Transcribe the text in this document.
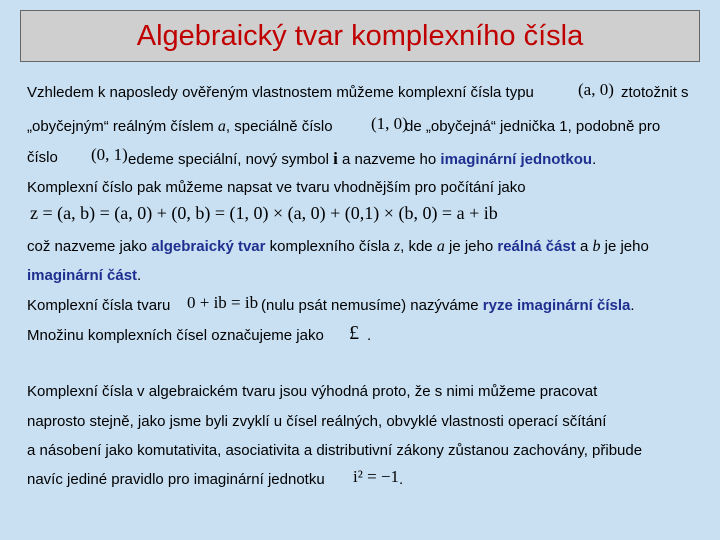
Algebraický tvar komplexního čísla
Vzhledem k naposledy ověřeným vlastnostem můžeme komplexní čísla typu	(a, 0) ztotožnit s
„obyčejným“ reálným číslem a, speciálně číslo (1, 0)
de „obyčejná“ jednička 1, podobně pro
číslo (0, 1) edeme speciální, nový symbol i a nazveme ho imaginární jednotkou.
Komplexní číslo pak můžeme napsat ve tvaru vhodnějším pro počítání jako
z = (a, b) = (a, 0) + (0, b) = (1, 0) × (a, 0) + (0,1) × (b, 0) = a + ib
což nazveme jako algebraický tvar komplexního čísla z, kde a je jeho reálná část a b je jeho
imaginární část.
Komplexní čísla tvaru 0 + ib = ib (nulu psát nemusíme) nazýváme ryze imaginární čísla.
Množinu komplexních čísel označujeme jako £ .
Komplexní čísla v algebraickém tvaru jsou výhodná proto, že s nimi můžeme pracovat
naprosto stejně, jako jsme byli zvyklí u čísel reálných, obvyklé vlastnosti operací sčítání
a násobení jako komutativita, asociativita a distributivní zákony zůstanou zachovány, přibude
navíc jediné pravidlo pro imaginární jednotku i² = −1 .
